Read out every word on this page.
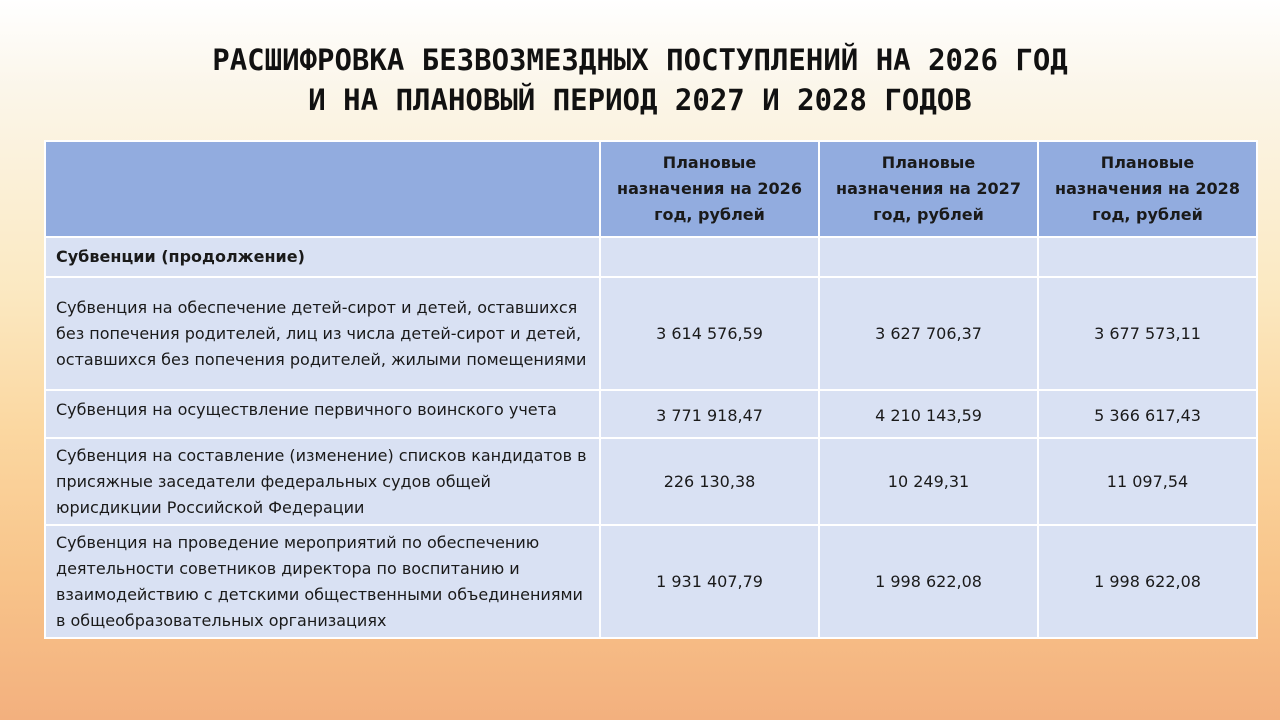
РАСШИФРОВКА БЕЗВОЗМЕЗДНЫХ ПОСТУПЛЕНИЙ НА 2026 ГОД
И НА ПЛАНОВЫЙ ПЕРИОД 2027 И 2028 ГОДОВ
	Плановые назначения на 2026 год, рублей	Плановые назначения на 2027 год, рублей	Плановые назначения на 2028 год, рублей
Субвенции (продолжение)			
Субвенция на обеспечение детей-сирот и детей, оставшихся без попечения родителей, лиц из числа детей-сирот и детей, оставшихся без попечения родителей, жилыми помещениями	3 614 576,59	3 627 706,37	3 677 573,11
Субвенция на осуществление первичного воинского учета	3 771 918,47	4 210 143,59	5 366 617,43
Субвенция на составление (изменение) списков кандидатов в присяжные заседатели федеральных судов общей юрисдикции Российской Федерации	226 130,38	10 249,31	11 097,54
Субвенция на проведение мероприятий по обеспечению деятельности советников директора по воспитанию и взаимодействию с детскими общественными объединениями в общеобразовательных организациях	1 931 407,79	1 998 622,08	1 998 622,08
